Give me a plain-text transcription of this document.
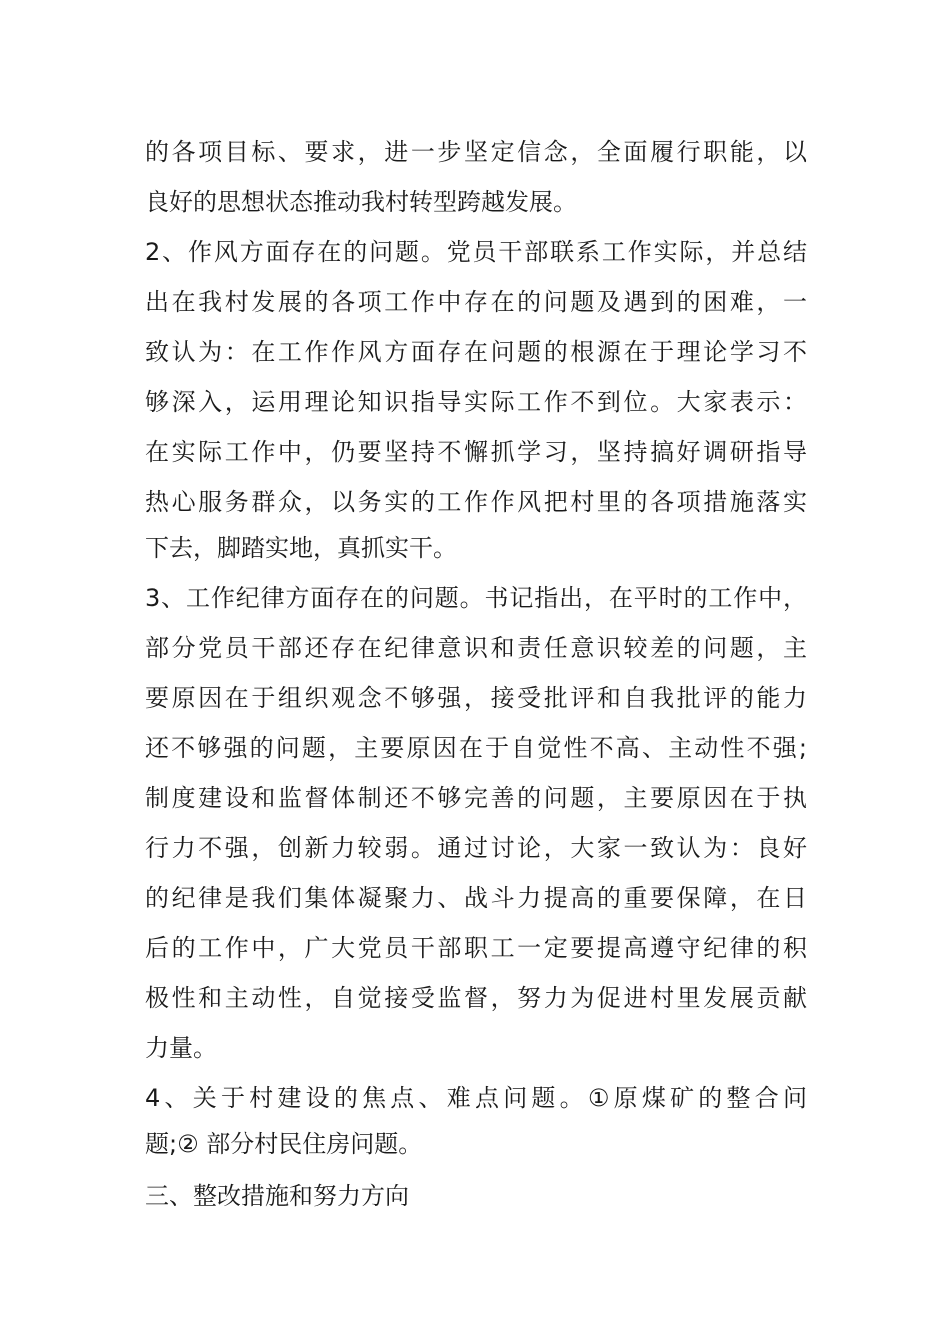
的各项目标、要求，进一步坚定信念，全面履行职能，以
良好的思想状态推动我村转型跨越发展。
2、作风方面存在的问题。党员干部联系工作实际，并总结
出在我村发展的各项工作中存在的问题及遇到的困难，一
致认为：在工作作风方面存在问题的根源在于理论学习不
够深入，运用理论知识指导实际工作不到位。大家表示：
在实际工作中，仍要坚持不懈抓学习，坚持搞好调研指导
热心服务群众，以务实的工作作风把村里的各项措施落实
下去，脚踏实地，真抓实干。
3、工作纪律方面存在的问题。书记指出，在平时的工作中，
部分党员干部还存在纪律意识和责任意识较差的问题，主
要原因在于组织观念不够强，接受批评和自我批评的能力
还不够强的问题，主要原因在于自觉性不高、主动性不强;
制度建设和监督体制还不够完善的问题，主要原因在于执
行力不强，创新力较弱。通过讨论，大家一致认为：良好
的纪律是我们集体凝聚力、战斗力提高的重要保障，在日
后的工作中，广大党员干部职工一定要提高遵守纪律的积
极性和主动性，自觉接受监督，努力为促进村里发展贡献
力量。
4、关于村建设的焦点、难点问题。①原煤矿的整合问
题;② 部分村民住房问题。
三、整改措施和努力方向
